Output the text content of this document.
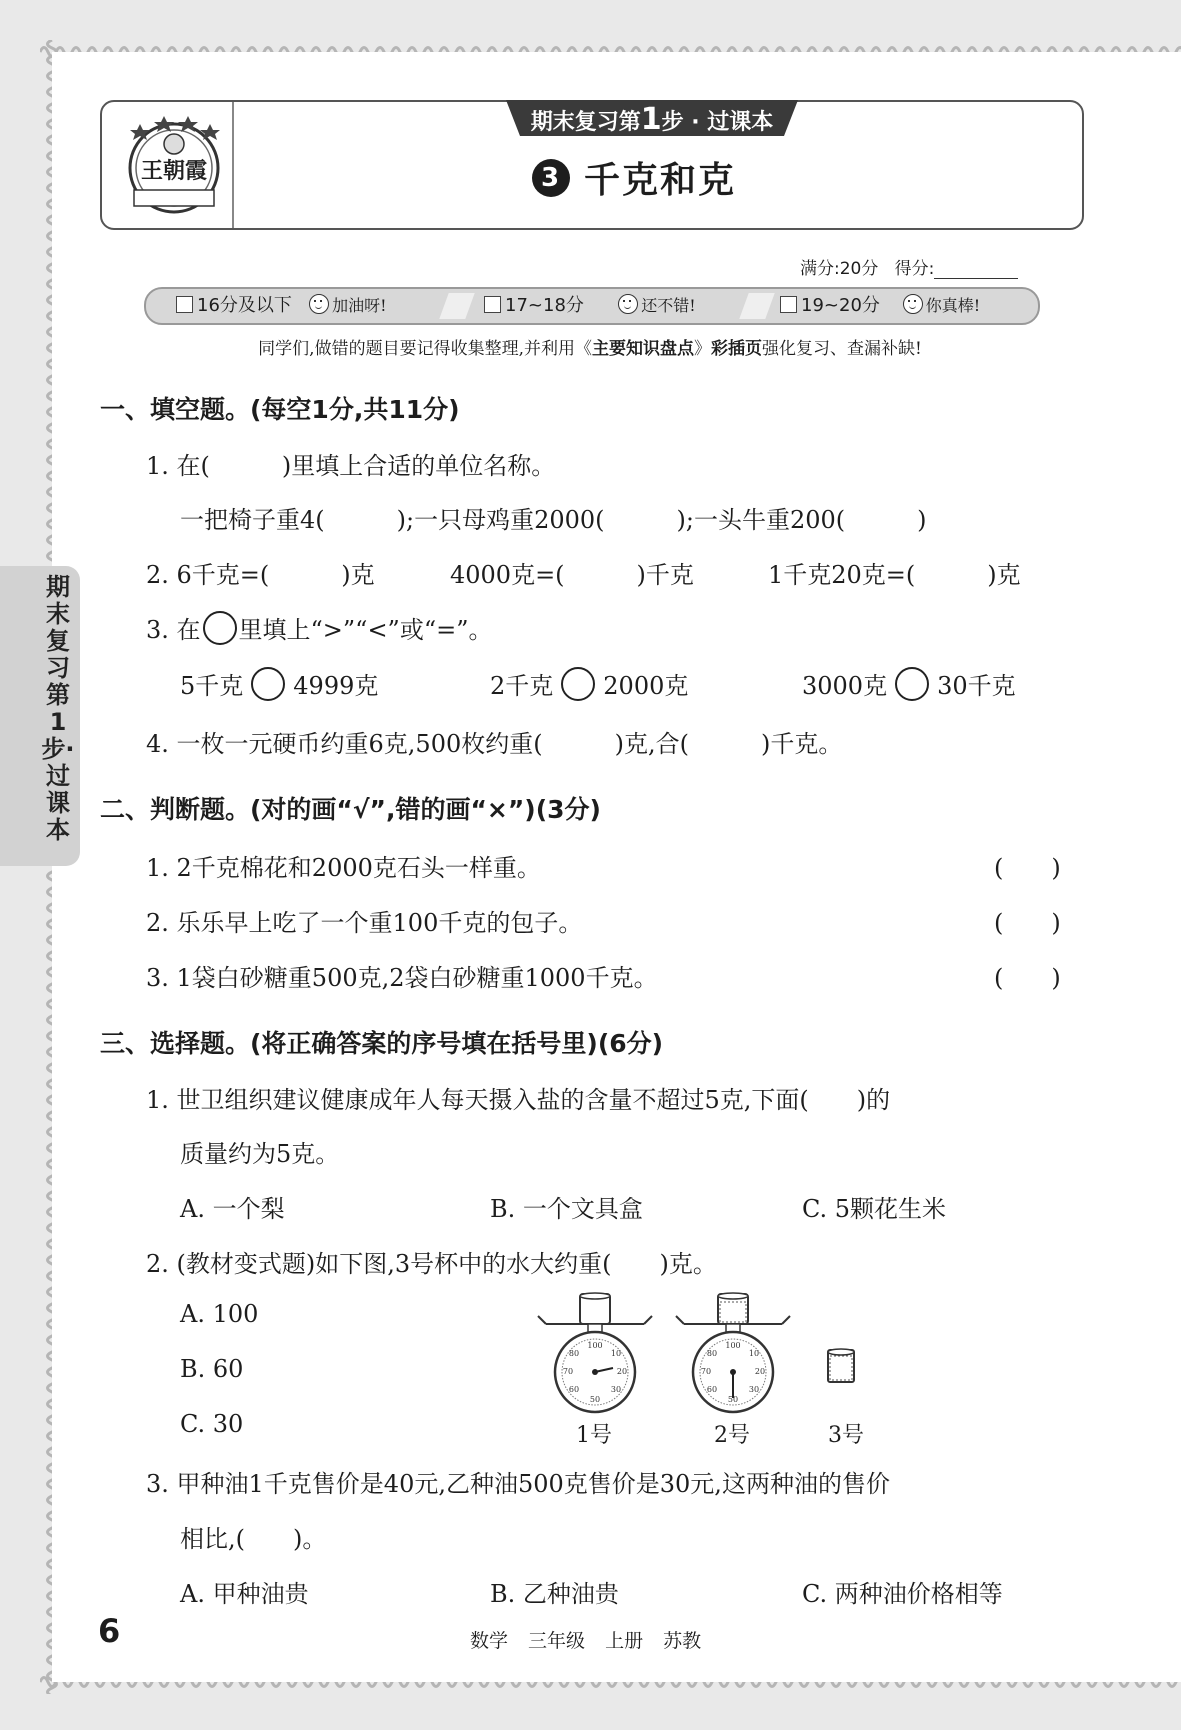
王朝霞
期末复习第1步 · 过课本
3 千克和克
满分:20分 得分:
16分及以下	加油呀!	17~18分	还不错!	19~20分	你真棒!
同学们,做错的题目要记得收集整理,并利用《主要知识盘点》彩插页强化复习、查漏补缺!
期末复习第1步·过课本
一、填空题。(每空1分,共11分)
1. 在(　　　)里填上合适的单位名称。
一把椅子重4(　　　);一只母鸡重2000(　　　);一头牛重200(　　　)
2. 6千克=(　　　)克	4000克=(　　　)千克	1千克20克=(　　　)克
3. 在 里填上“>”“<”或“=”。
5千克 4999克	2千克 2000克	3000克 30千克
4. 一枚一元硬币约重6克,500枚约重(　　　)克,合(　　　)千克。
二、判断题。(对的画“√”,错的画“×”)(3分)
1. 2千克棉花和2000克石头一样重。	(　　)
2. 乐乐早上吃了一个重100千克的包子。	(　　)
3. 1袋白砂糖重500克,2袋白砂糖重1000千克。	(　　)
三、选择题。(将正确答案的序号填在括号里)(6分)
1. 世卫组织建议健康成年人每天摄入盐的含量不超过5克,下面(　　)的
质量约为5克。
A. 一个梨	B. 一个文具盒	C. 5颗花生米
2. (教材变式题)如下图,3号杯中的水大约重(　　)克。
A. 100
B. 60
C. 30
100
10
20
30
50
60
70
80
100
10
20
30
50
60
70
80
1号	2号	3号
3. 甲种油1千克售价是40元,乙种油500克售价是30元,这两种油的售价
相比,(　　)。
A. 甲种油贵	B. 乙种油贵	C. 两种油价格相等
6	数学 三年级 上册 苏教
